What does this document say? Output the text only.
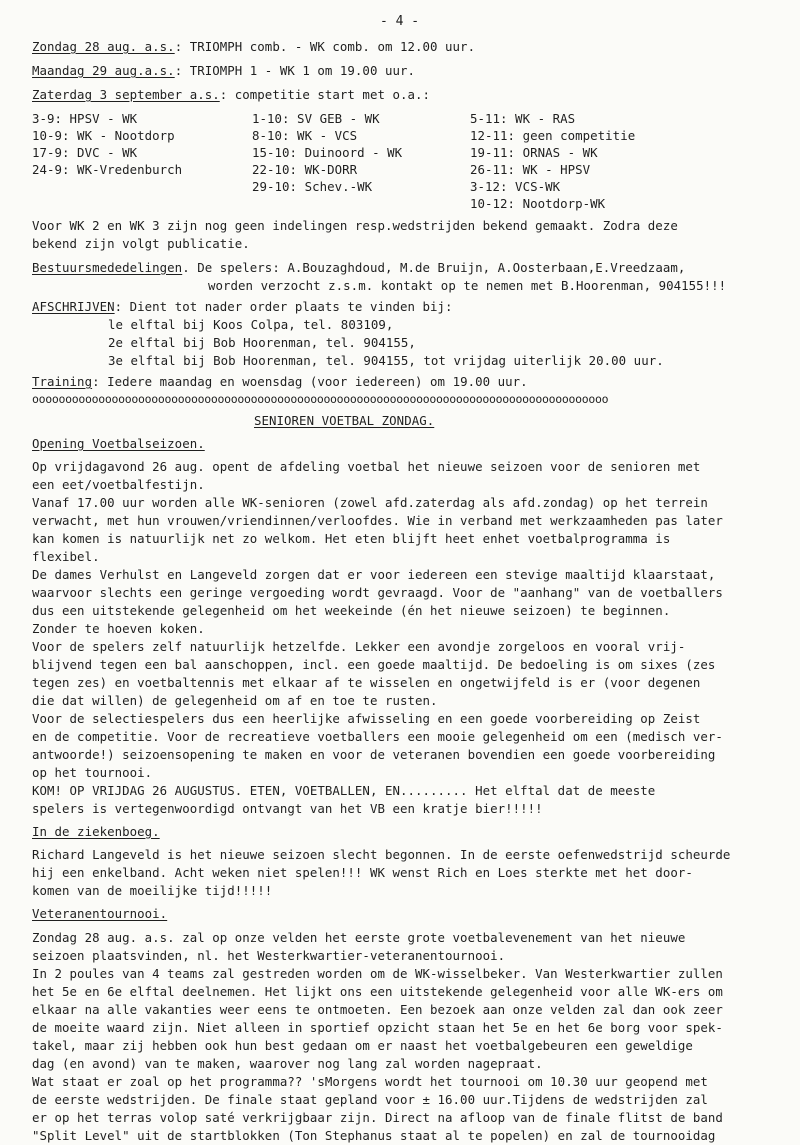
- 4 -
Zondag 28 aug. a.s.: TRIOMPH comb. - WK comb. om 12.00 uur.
Maandag 29 aug.a.s.: TRIOMPH 1 - WK 1 om 19.00 uur.
Zaterdag 3 september a.s.: competitie start met o.a.:
3-9: HPSV - WK
10-9: WK - Nootdorp
17-9: DVC - WK
24-9: WK-Vredenburch
1-10: SV GEB - WK
8-10: WK - VCS
15-10: Duinoord - WK
22-10: WK-DORR
29-10: Schev.-WK
5-11: WK - RAS
12-11: geen competitie
19-11: ORNAS - WK
26-11: WK - HPSV
3-12: VCS-WK
10-12: Nootdorp-WK
Voor WK 2 en WK 3 zijn nog geen indelingen resp.wedstrijden bekend gemaakt. Zodra deze
bekend zijn volgt publicatie.
Bestuursmededelingen. De spelers: A.Bouzaghdoud, M.de Bruijn, A.Oosterbaan,E.Vreedzaam,
worden verzocht z.s.m. kontakt op te nemen met B.Hoorenman, 904155!!!
AFSCHRIJVEN: Dient tot nader order plaats te vinden bij:
le elftal bij Koos Colpa, tel. 803109,
2e elftal bij Bob Hoorenman, tel. 904155,
3e elftal bij Bob Hoorenman, tel. 904155, tot vrijdag uiterlijk 20.00 uur.
Training: Iedere maandag en woensdag (voor iedereen) om 19.00 uur.
ooooooooooooooooooooooooooooooooooooooooooooooooooooooooooooooooooooooooooooooooooooooo
SENIOREN VOETBAL ZONDAG.
Opening Voetbalseizoen.
Op vrijdagavond 26 aug. opent de afdeling voetbal het nieuwe seizoen voor de senioren met
een eet/voetbalfestijn.
Vanaf 17.00 uur worden alle WK-senioren (zowel afd.zaterdag als afd.zondag) op het terrein
verwacht, met hun vrouwen/vriendinnen/verloofdes. Wie in verband met werkzaamheden pas later
kan komen is natuurlijk net zo welkom. Het eten blijft heet enhet voetbalprogramma is
flexibel.
De dames Verhulst en Langeveld zorgen dat er voor iedereen een stevige maaltijd klaarstaat,
waarvoor slechts een geringe vergoeding wordt gevraagd. Voor de "aanhang" van de voetballers
dus een uitstekende gelegenheid om het weekeinde (én het nieuwe seizoen) te beginnen.
Zonder te hoeven koken.
Voor de spelers zelf natuurlijk hetzelfde. Lekker een avondje zorgeloos en vooral vrij-
blijvend tegen een bal aanschoppen, incl. een goede maaltijd. De bedoeling is om sixes (zes
tegen zes) en voetbaltennis met elkaar af te wisselen en ongetwijfeld is er (voor degenen
die dat willen) de gelegenheid om af en toe te rusten.
Voor de selectiespelers dus een heerlijke afwisseling en een goede voorbereiding op Zeist
en de competitie. Voor de recreatieve voetballers een mooie gelegenheid om een (medisch ver-
antwoorde!) seizoensopening te maken en voor de veteranen bovendien een goede voorbereiding
op het tournooi.
KOM! OP VRIJDAG 26 AUGUSTUS. ETEN, VOETBALLEN, EN......... Het elftal dat de meeste
spelers is vertegenwoordigd ontvangt van het VB een kratje bier!!!!!
In de ziekenboeg.
Richard Langeveld is het nieuwe seizoen slecht begonnen. In de eerste oefenwedstrijd scheurde
hij een enkelband. Acht weken niet spelen!!! WK wenst Rich en Loes sterkte met het door-
komen van de moeilijke tijd!!!!!
Veteranentournooi.
Zondag 28 aug. a.s. zal op onze velden het eerste grote voetbalevenement van het nieuwe
seizoen plaatsvinden, nl. het Westerkwartier-veteranentournooi.
In 2 poules van 4 teams zal gestreden worden om de WK-wisselbeker. Van Westerkwartier zullen
het 5e en 6e elftal deelnemen. Het lijkt ons een uitstekende gelegenheid voor alle WK-ers om
elkaar na alle vakanties weer eens te ontmoeten. Een bezoek aan onze velden zal dan ook zeer
de moeite waard zijn. Niet alleen in sportief opzicht staan het 5e en het 6e borg voor spek-
takel, maar zij hebben ook hun best gedaan om er naast het voetbalgebeuren een geweldige
dag (en avond) van te maken, waarover nog lang zal worden nagepraat.
Wat staat er zoal op het programma?? 'sMorgens wordt het tournooi om 10.30 uur geopend met
de eerste wedstrijden. De finale staat gepland voor ± 16.00 uur.Tijdens de wedstrijden zal
er op het terras volop saté verkrijgbaar zijn. Direct na afloop van de finale flitst de band
"Split Level" uit de startblokken (Ton Stephanus staat al te popelen) en zal de tournooidag
